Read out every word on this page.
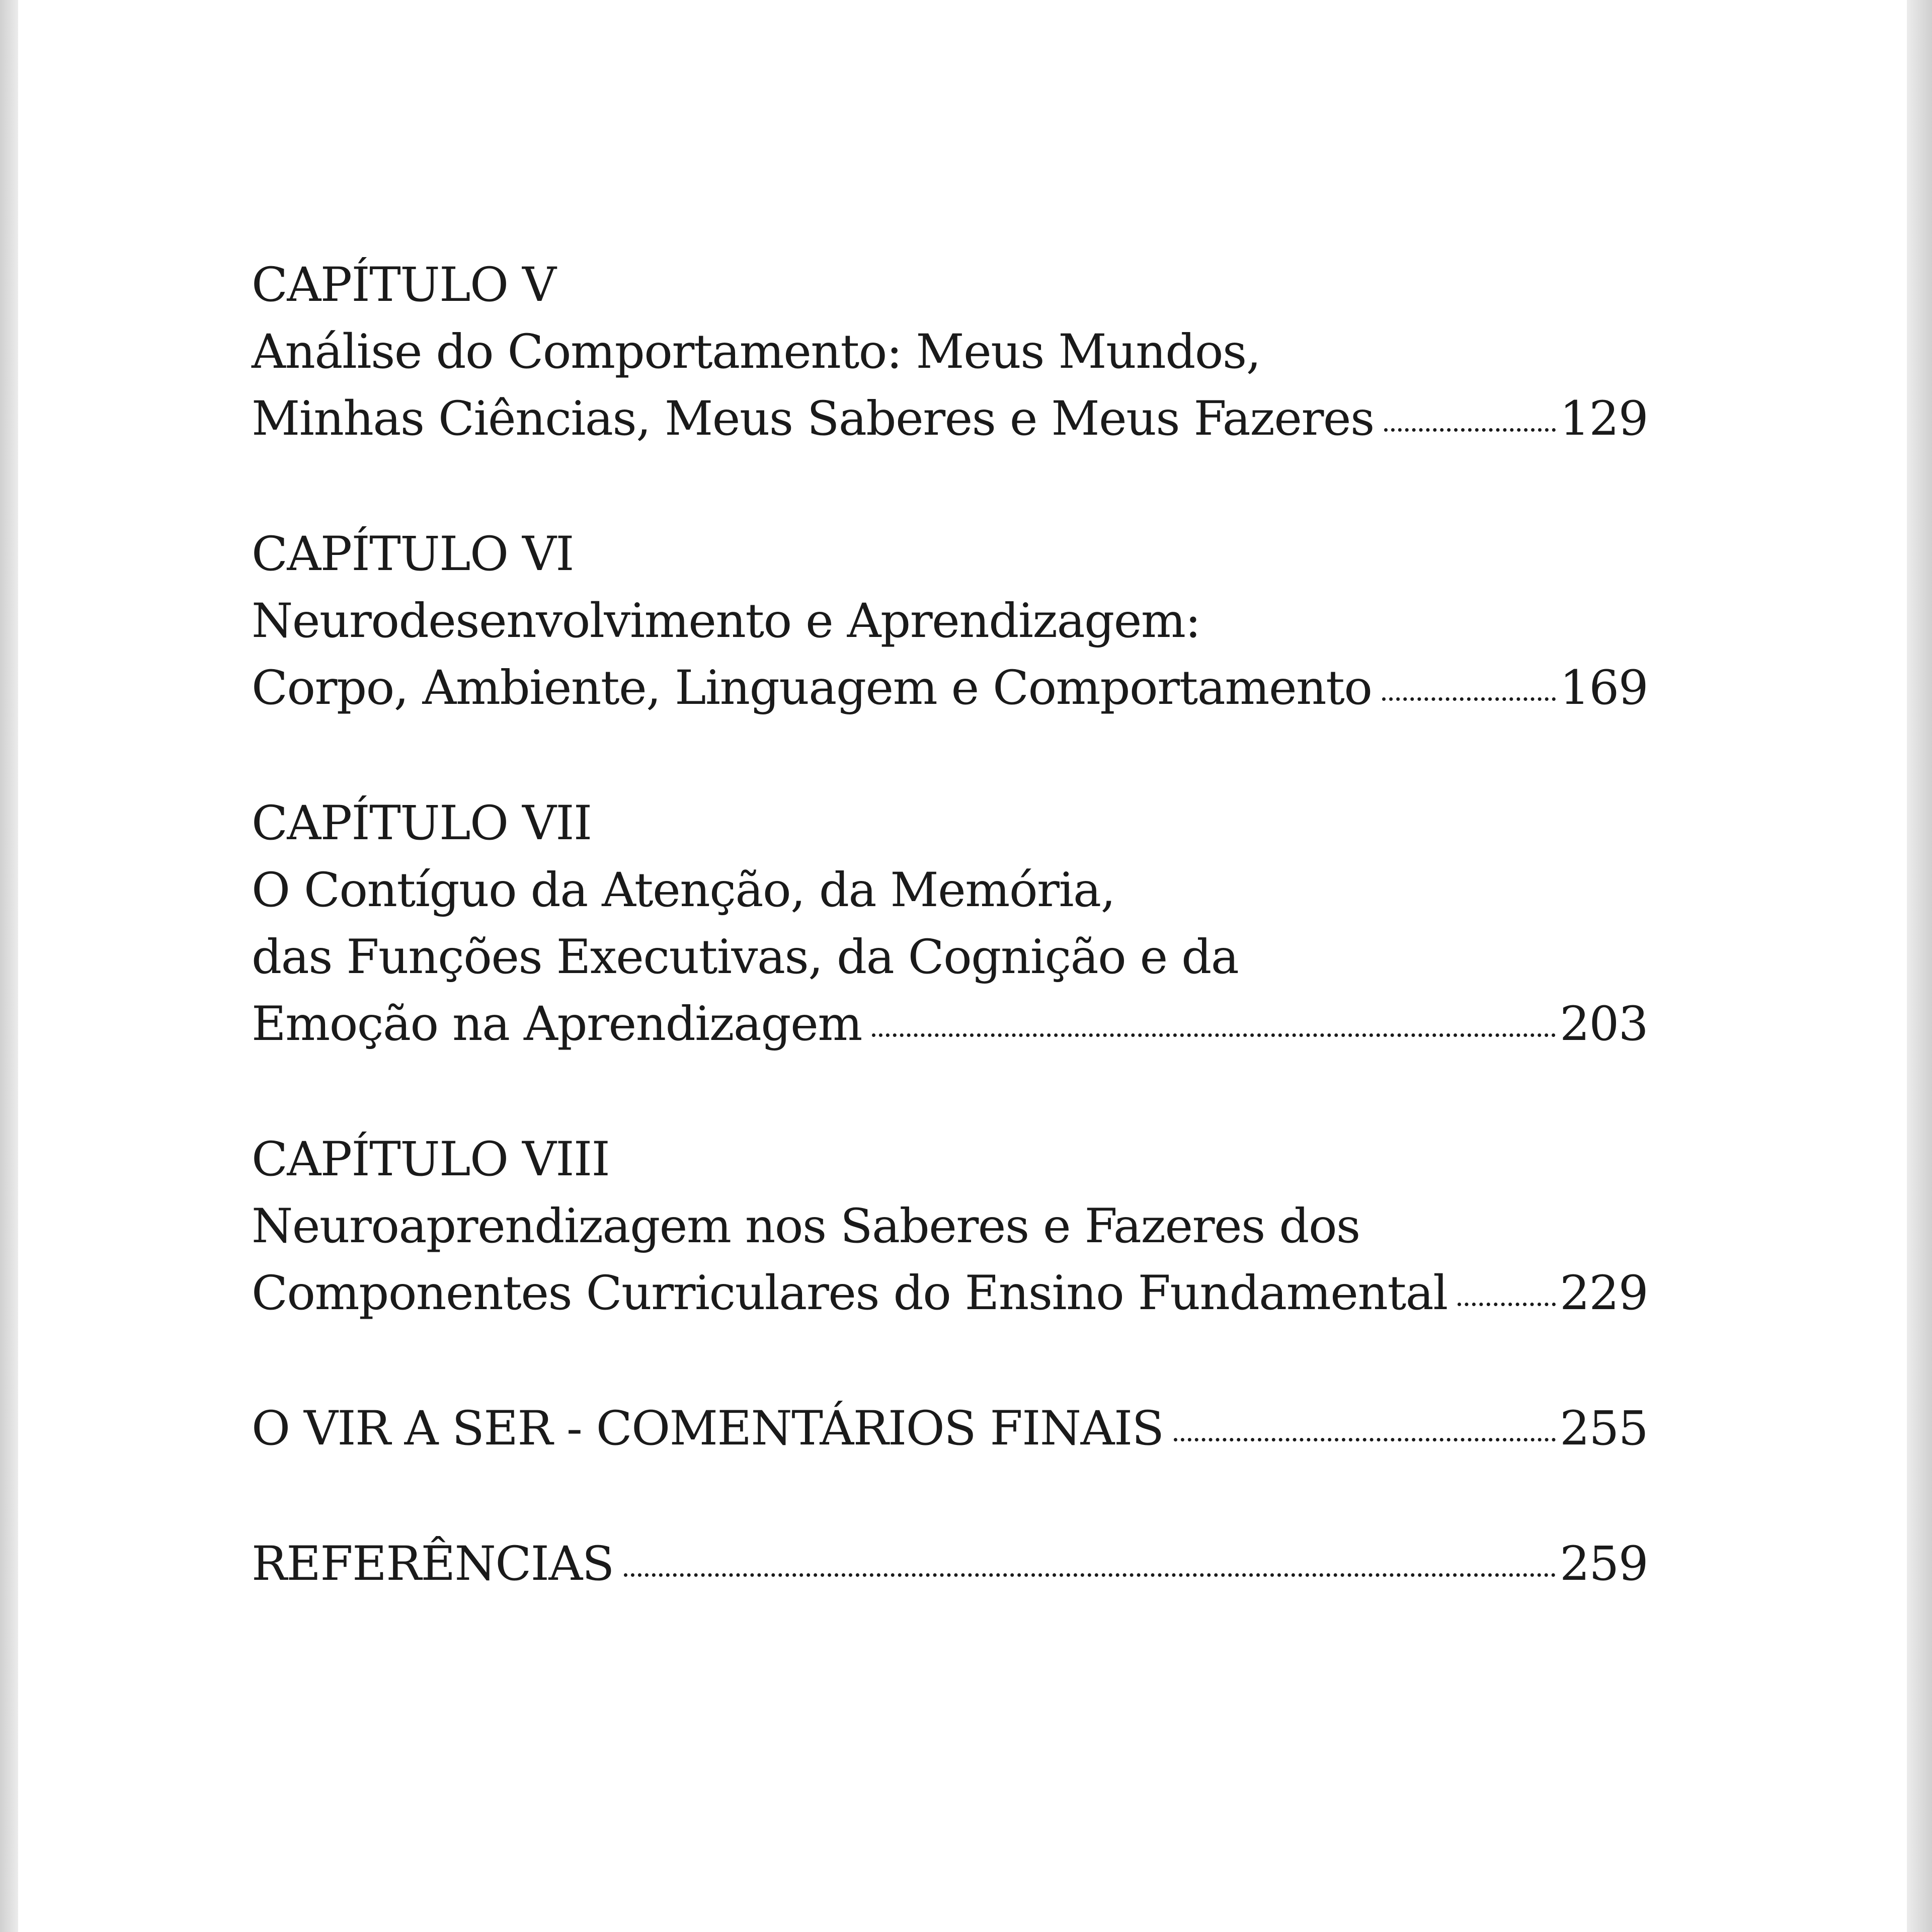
CAPÍTULO V
Análise do Comportamento: Meus Mundos,
Minhas Ciências, Meus Saberes e Meus Fazeres	129
CAPÍTULO VI
Neurodesenvolvimento e Aprendizagem:
Corpo, Ambiente, Linguagem e Comportamento	169
CAPÍTULO VII
O Contíguo da Atenção, da Memória,
das Funções Executivas, da Cognição e da
Emoção na Aprendizagem	203
CAPÍTULO VIII
Neuroaprendizagem nos Saberes e Fazeres dos
Componentes Curriculares do Ensino Fundamental 229
O VIR A SER - COMENTÁRIOS FINAIS	255
REFERÊNCIAS	259
